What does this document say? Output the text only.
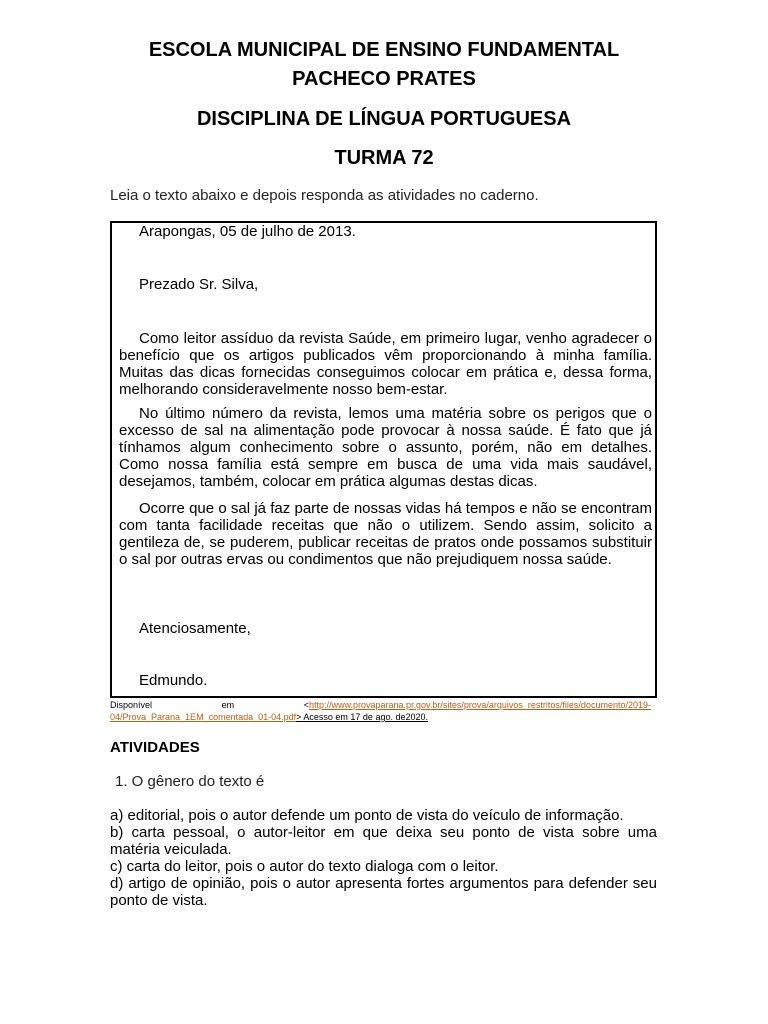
ESCOLA MUNICIPAL DE ENSINO FUNDAMENTAL
PACHECO PRATES
DISCIPLINA DE LÍNGUA PORTUGUESA
TURMA 72
Leia o texto abaixo e depois responda as atividades no caderno.
Arapongas, 05 de julho de 2013.
Prezado Sr. Silva,
Como leitor assíduo da revista Saúde, em primeiro lugar, venho agradecer o benefício que os artigos publicados vêm proporcionando à minha família. Muitas das dicas fornecidas conseguimos colocar em prática e, dessa forma, melhorando consideravelmente nosso bem-estar.
No último número da revista, lemos uma matéria sobre os perigos que o excesso de sal na alimentação pode provocar à nossa saúde. É fato que já tínhamos algum conhecimento sobre o assunto, porém, não em detalhes. Como nossa família está sempre em busca de uma vida mais saudável, desejamos, também, colocar em prática algumas destas dicas.
Ocorre que o sal já faz parte de nossas vidas há tempos e não se encontram com tanta facilidade receitas que não o utilizem. Sendo assim, solicito a gentileza de, se puderem, publicar receitas de pratos onde possamos substituir o sal por outras ervas ou condimentos que não prejudiquem nossa saúde.
Atenciosamente,
Edmundo.
Disponível	em	<http://www.provaparana.pr.gov.br/sites/prova/arquivos_restritos/files/documento/2019-
04/Prova_Parana_1EM_comentada_01-04.pdf> Acesso em 17 de ago. de2020.
ATIVIDADES
1. O gênero do texto é
a) editorial, pois o autor defende um ponto de vista do veículo de informação.
b) carta pessoal, o autor-leitor em que deixa seu ponto de vista sobre uma matéria veiculada.
c) carta do leitor, pois o autor do texto dialoga com o leitor.
d) artigo de opinião, pois o autor apresenta fortes argumentos para defender seu ponto de vista.
